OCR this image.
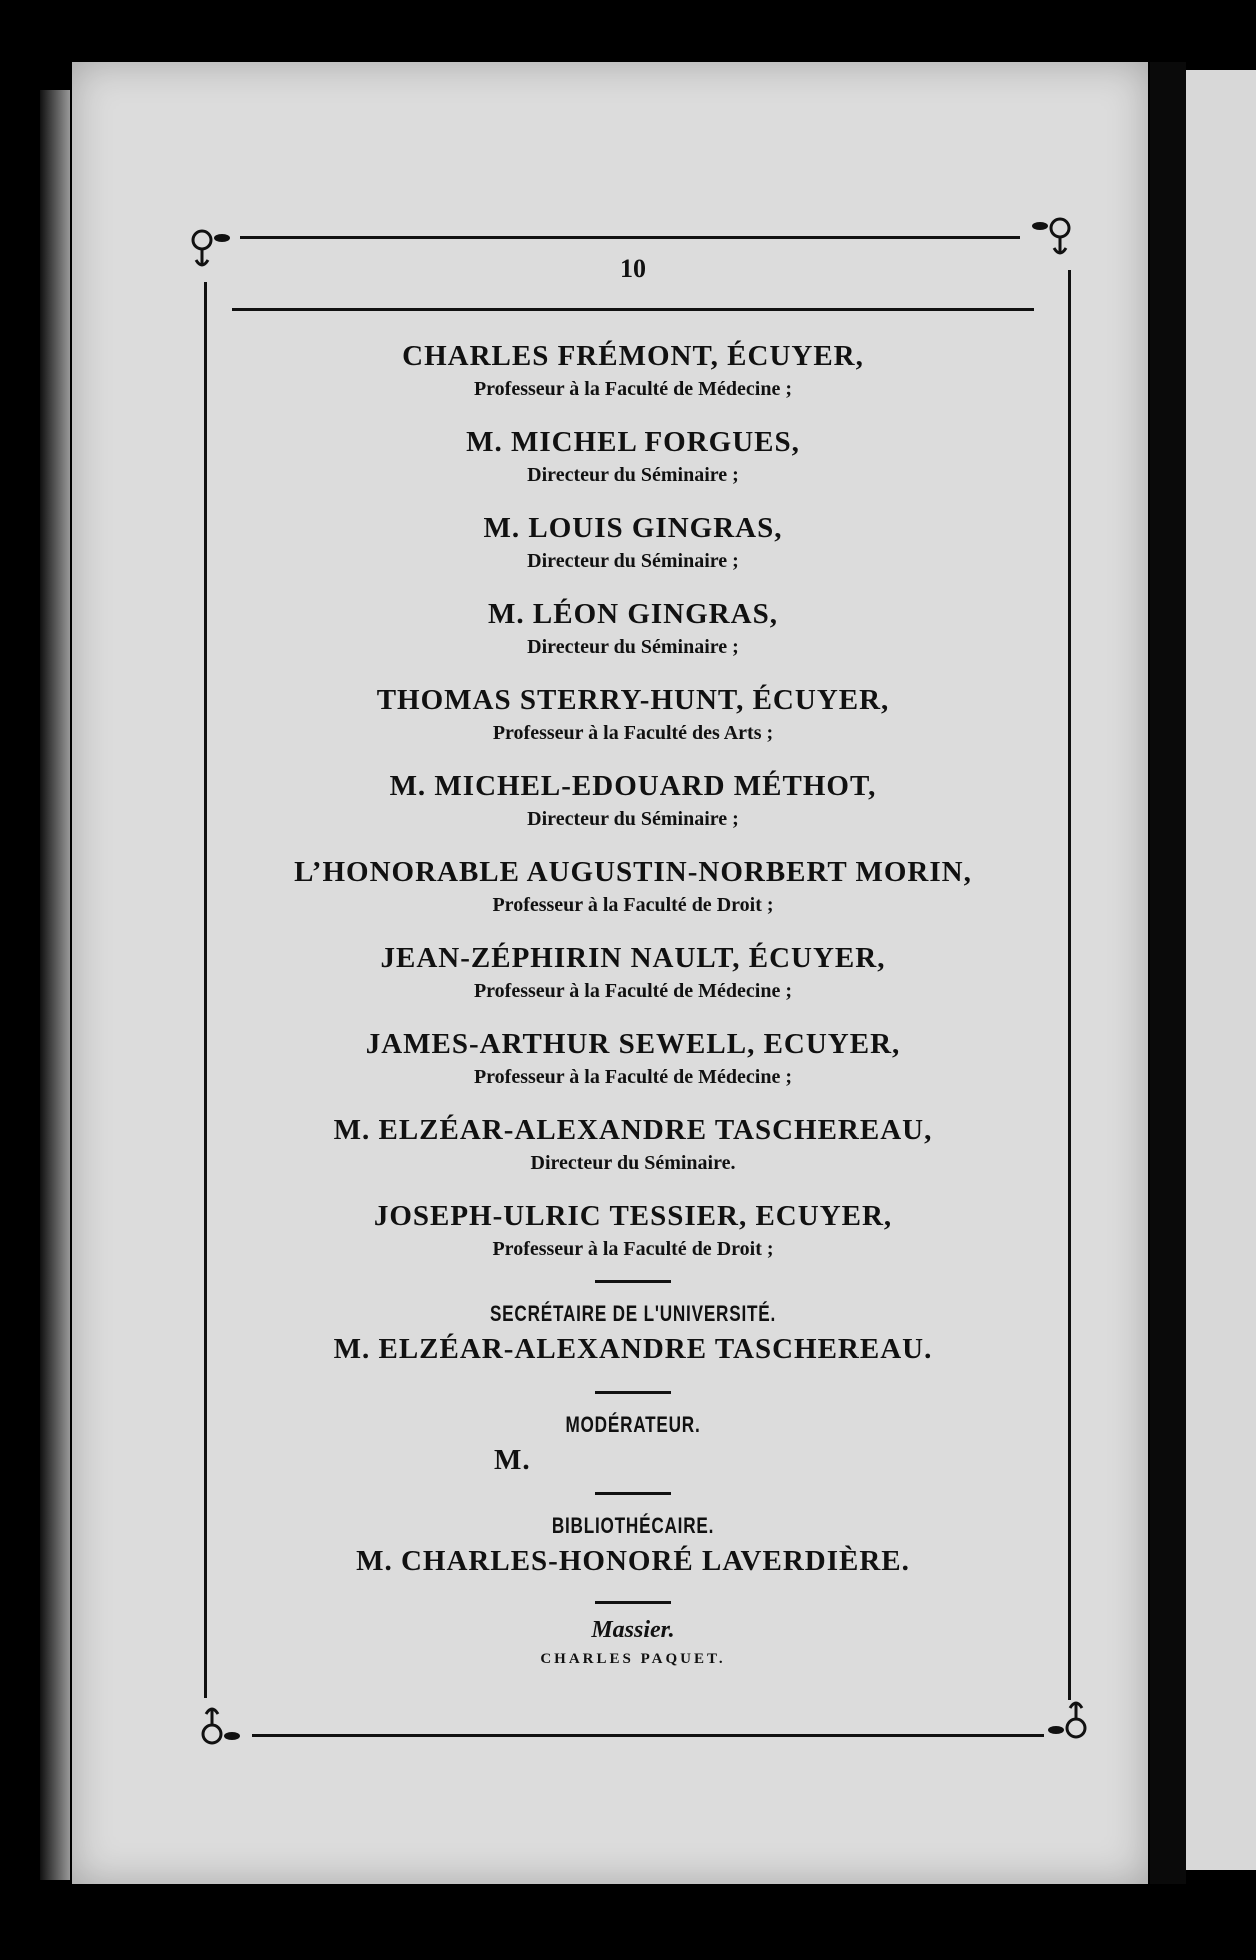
10
CHARLES FRÉMONT, ÉCUYER,
Professeur à la Faculté de Médecine ;
M. MICHEL FORGUES,
Directeur du Séminaire ;
M. LOUIS GINGRAS,
Directeur du Séminaire ;
M. LÉON GINGRAS,
Directeur du Séminaire ;
THOMAS STERRY-HUNT, ÉCUYER,
Professeur à la Faculté des Arts ;
M. MICHEL-EDOUARD MÉTHOT,
Directeur du Séminaire ;
L’HONORABLE AUGUSTIN-NORBERT MORIN,
Professeur à la Faculté de Droit ;
JEAN-ZÉPHIRIN NAULT, ÉCUYER,
Professeur à la Faculté de Médecine ;
JAMES-ARTHUR SEWELL, ECUYER,
Professeur à la Faculté de Médecine ;
M. ELZÉAR-ALEXANDRE TASCHEREAU,
Directeur du Séminaire.
JOSEPH-ULRIC TESSIER, ECUYER,
Professeur à la Faculté de Droit ;
SECRÉTAIRE DE L'UNIVERSITÉ.
M. ELZÉAR-ALEXANDRE TASCHEREAU.
MODÉRATEUR.
M.
BIBLIOTHÉCAIRE.
M. CHARLES-HONORÉ LAVERDIÈRE.
Massier.
CHARLES PAQUET.
